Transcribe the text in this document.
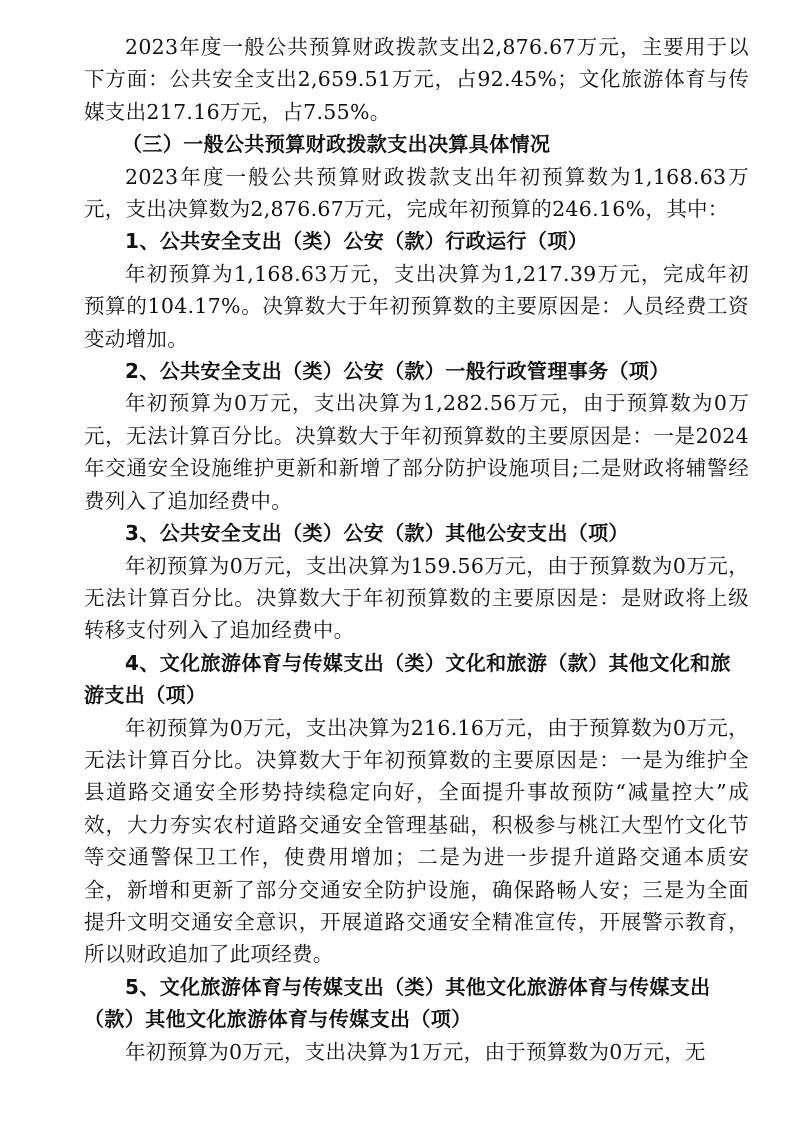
2023年度一般公共预算财政拨款支出2,876.67万元，主要用于以下方面：公共安全支出2,659.51万元，占92.45%；文化旅游体育与传媒支出217.16万元，占7.55%。

（三）一般公共预算财政拨款支出决算具体情况

2023年度一般公共预算财政拨款支出年初预算数为1,168.63万元，支出决算数为2,876.67万元，完成年初预算的246.16%，其中：

1、公共安全支出（类）公安（款）行政运行（项）

年初预算为1,168.63万元，支出决算为1,217.39万元，完成年初预算的104.17%。决算数大于年初预算数的主要原因是：人员经费工资变动增加。

2、公共安全支出（类）公安（款）一般行政管理事务（项）

年初预算为0万元，支出决算为1,282.56万元，由于预算数为0万元，无法计算百分比。决算数大于年初预算数的主要原因是：一是2024年交通安全设施维护更新和新增了部分防护设施项目;二是财政将辅警经费列入了追加经费中。

3、公共安全支出（类）公安（款）其他公安支出（项）

年初预算为0万元，支出决算为159.56万元，由于预算数为0万元，无法计算百分比。决算数大于年初预算数的主要原因是：是财政将上级转移支付列入了追加经费中。

4、文化旅游体育与传媒支出（类）文化和旅游（款）其他文化和旅游支出（项）

年初预算为0万元，支出决算为216.16万元，由于预算数为0万元，无法计算百分比。决算数大于年初预算数的主要原因是：一是为维护全县道路交通安全形势持续稳定向好，全面提升事故预防“减量控大”成效，大力夯实农村道路交通安全管理基础，积极参与桃江大型竹文化节等交通警保卫工作，使费用增加；二是为进一步提升道路交通本质安全，新增和更新了部分交通安全防护设施，确保路畅人安；三是为全面提升文明交通安全意识，开展道路交通安全精准宣传，开展警示教育，所以财政追加了此项经费。

5、文化旅游体育与传媒支出（类）其他文化旅游体育与传媒支出（款）其他文化旅游体育与传媒支出（项）

年初预算为0万元，支出决算为1万元，由于预算数为0万元，无
